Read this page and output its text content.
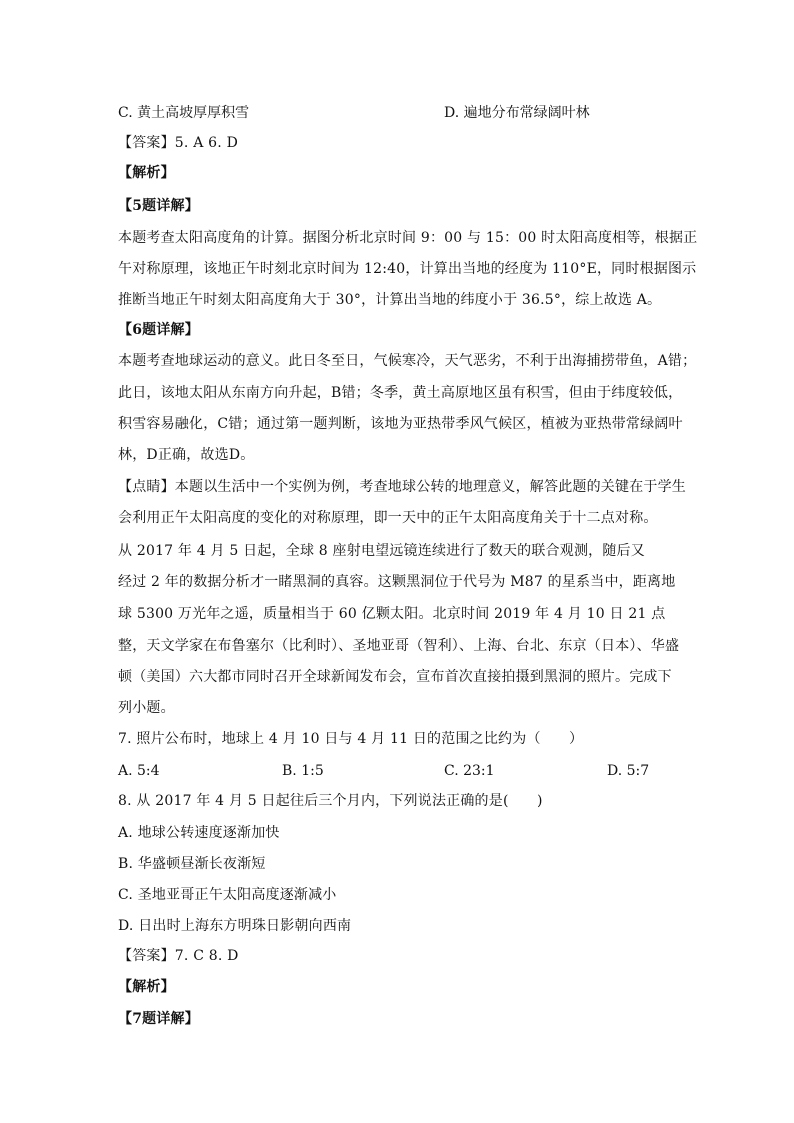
C. 黄土高坡厚厚积雪	D. 遍地分布常绿阔叶林
【答案】5. A 6. D
【解析】
【5题详解】
本题考查太阳高度角的计算。据图分析北京时间 9：00 与 15：00 时太阳高度相等，根据正
午对称原理，该地正午时刻北京时间为 12:40，计算出当地的经度为 110°E，同时根据图示
推断当地正午时刻太阳高度角大于 30°，计算出当地的纬度小于 36.5°，综上故选 A。
【6题详解】
本题考查地球运动的意义。此日冬至日，气候寒冷，天气恶劣，不利于出海捕捞带鱼，A错；
此日，该地太阳从东南方向升起，B错；冬季，黄土高原地区虽有积雪，但由于纬度较低，
积雪容易融化，C错；通过第一题判断，该地为亚热带季风气候区，植被为亚热带常绿阔叶
林，D正确，故选D。
【点睛】本题以生活中一个实例为例，考查地球公转的地理意义，解答此题的关键在于学生
会利用正午太阳高度的变化的对称原理，即一天中的正午太阳高度角关于十二点对称。
从 2017 年 4 月 5 日起，全球 8 座射电望远镜连续进行了数天的联合观测，随后又
经过 2 年的数据分析才一睹黑洞的真容。这颗黑洞位于代号为 M87 的星系当中，距离地
球 5300 万光年之遥，质量相当于 60 亿颗太阳。北京时间 2019 年 4 月 10 日 21 点
整，天文学家在布鲁塞尔（比利时）、圣地亚哥（智利）、上海、台北、东京（日本）、华盛
顿（美国）六大都市同时召开全球新闻发布会，宣布首次直接拍摄到黑洞的照片。完成下
列小题。
7. 照片公布时，地球上 4 月 10 日与 4 月 11 日的范围之比约为（　　）
A. 5:4	B. 1:5	C. 23:1	D. 5:7
8. 从 2017 年 4 月 5 日起往后三个月内，下列说法正确的是(　　)
A. 地球公转速度逐渐加快
B. 华盛顿昼渐长夜渐短
C. 圣地亚哥正午太阳高度逐渐减小
D. 日出时上海东方明珠日影朝向西南
【答案】7. C 8. D
【解析】
【7题详解】
